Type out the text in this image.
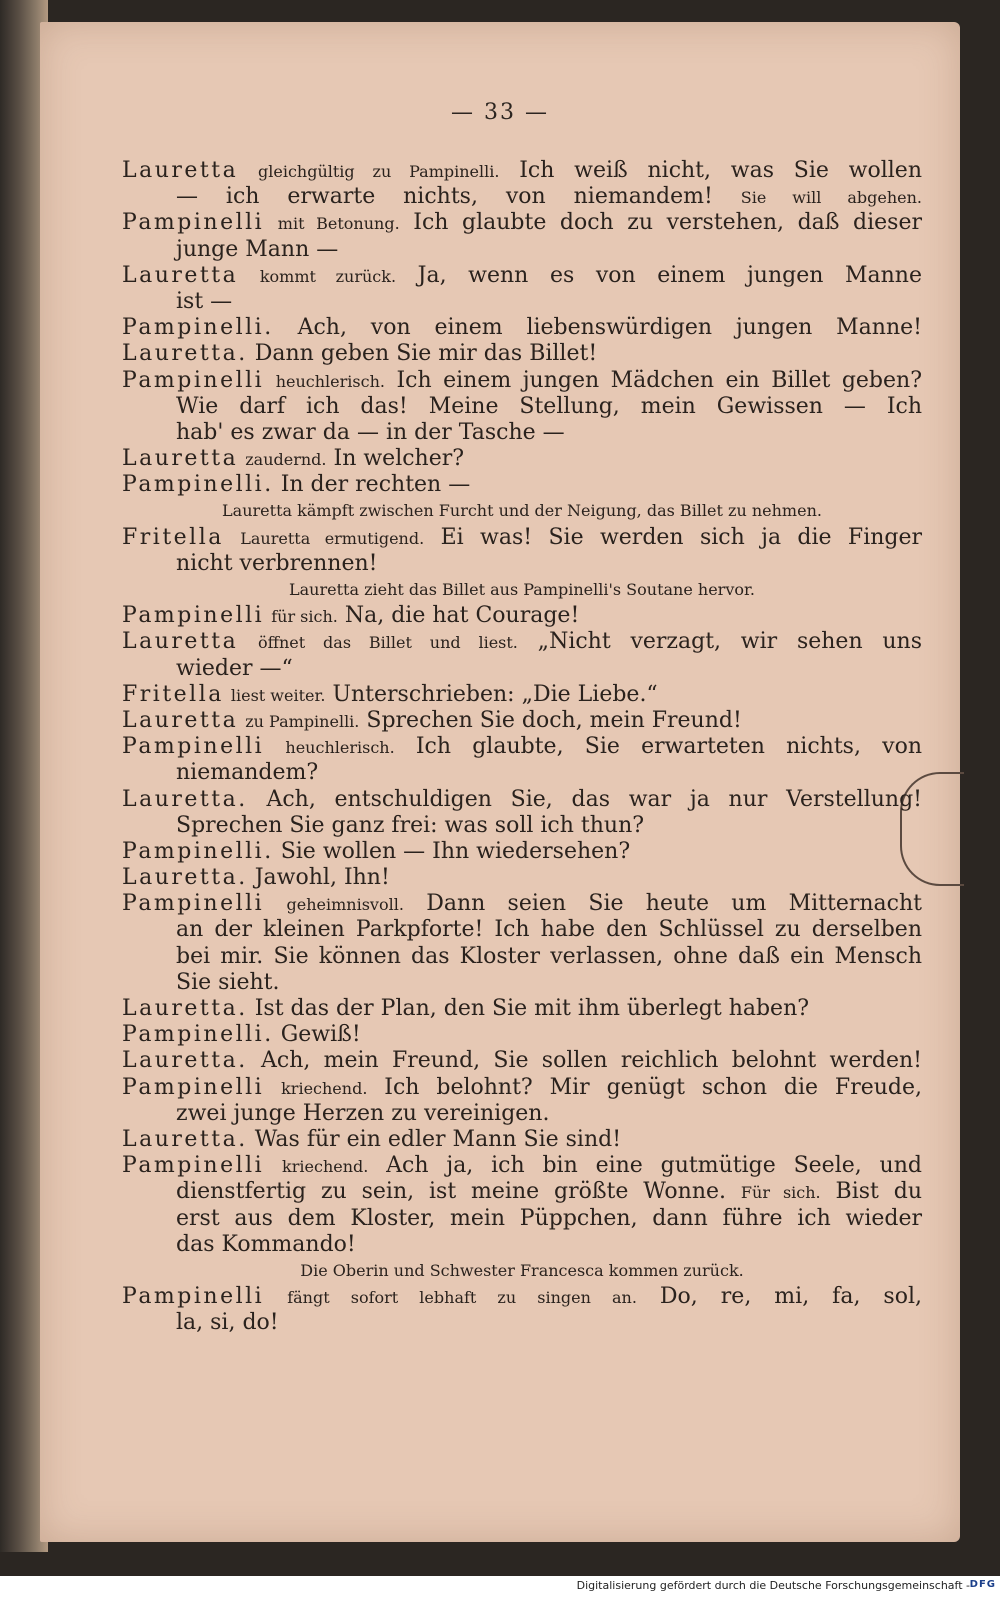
— 33 —
Lauretta gleichgültig zu Pampinelli. Ich weiß nicht, was Sie wollen
— ich erwarte nichts, von niemandem! Sie will abgehen.
Pampinelli mit Betonung. Ich glaubte doch zu verstehen, daß dieser
junge Mann —
Lauretta kommt zurück. Ja, wenn es von einem jungen Manne
ist —
Pampinelli. Ach, von einem liebenswürdigen jungen Manne!
Lauretta. Dann geben Sie mir das Billet!
Pampinelli heuchlerisch. Ich einem jungen Mädchen ein Billet geben?
Wie darf ich das! Meine Stellung, mein Gewissen — Ich
hab' es zwar da — in der Tasche —
Lauretta zaudernd. In welcher?
Pampinelli. In der rechten —
Lauretta kämpft zwischen Furcht und der Neigung, das Billet zu nehmen.
Fritella Lauretta ermutigend. Ei was! Sie werden sich ja die Finger
nicht verbrennen!
Lauretta zieht das Billet aus Pampinelli's Soutane hervor.
Pampinelli für sich. Na, die hat Courage!
Lauretta öffnet das Billet und liest. „Nicht verzagt, wir sehen uns
wieder —“
Fritella liest weiter. Unterschrieben: „Die Liebe.“
Lauretta zu Pampinelli. Sprechen Sie doch, mein Freund!
Pampinelli heuchlerisch. Ich glaubte, Sie erwarteten nichts, von
niemandem?
Lauretta. Ach, entschuldigen Sie, das war ja nur Verstellung!
Sprechen Sie ganz frei: was soll ich thun?
Pampinelli. Sie wollen — Ihn wiedersehen?
Lauretta. Jawohl, Ihn!
Pampinelli geheimnisvoll. Dann seien Sie heute um Mitternacht
an der kleinen Parkpforte! Ich habe den Schlüssel zu derselben
bei mir. Sie können das Kloster verlassen, ohne daß ein Mensch
Sie sieht.
Lauretta. Ist das der Plan, den Sie mit ihm überlegt haben?
Pampinelli. Gewiß!
Lauretta. Ach, mein Freund, Sie sollen reichlich belohnt werden!
Pampinelli kriechend. Ich belohnt? Mir genügt schon die Freude,
zwei junge Herzen zu vereinigen.
Lauretta. Was für ein edler Mann Sie sind!
Pampinelli kriechend. Ach ja, ich bin eine gutmütige Seele, und
dienstfertig zu sein, ist meine größte Wonne. Für sich. Bist du
erst aus dem Kloster, mein Püppchen, dann führe ich wieder
das Kommando!
Die Oberin und Schwester Francesca kommen zurück.
Pampinelli fängt sofort lebhaft zu singen an. Do, re, mi, fa, sol,
la, si, do!
Digitalisierung gefördert durch die Deutsche Forschungsgemeinschaft - DFG
